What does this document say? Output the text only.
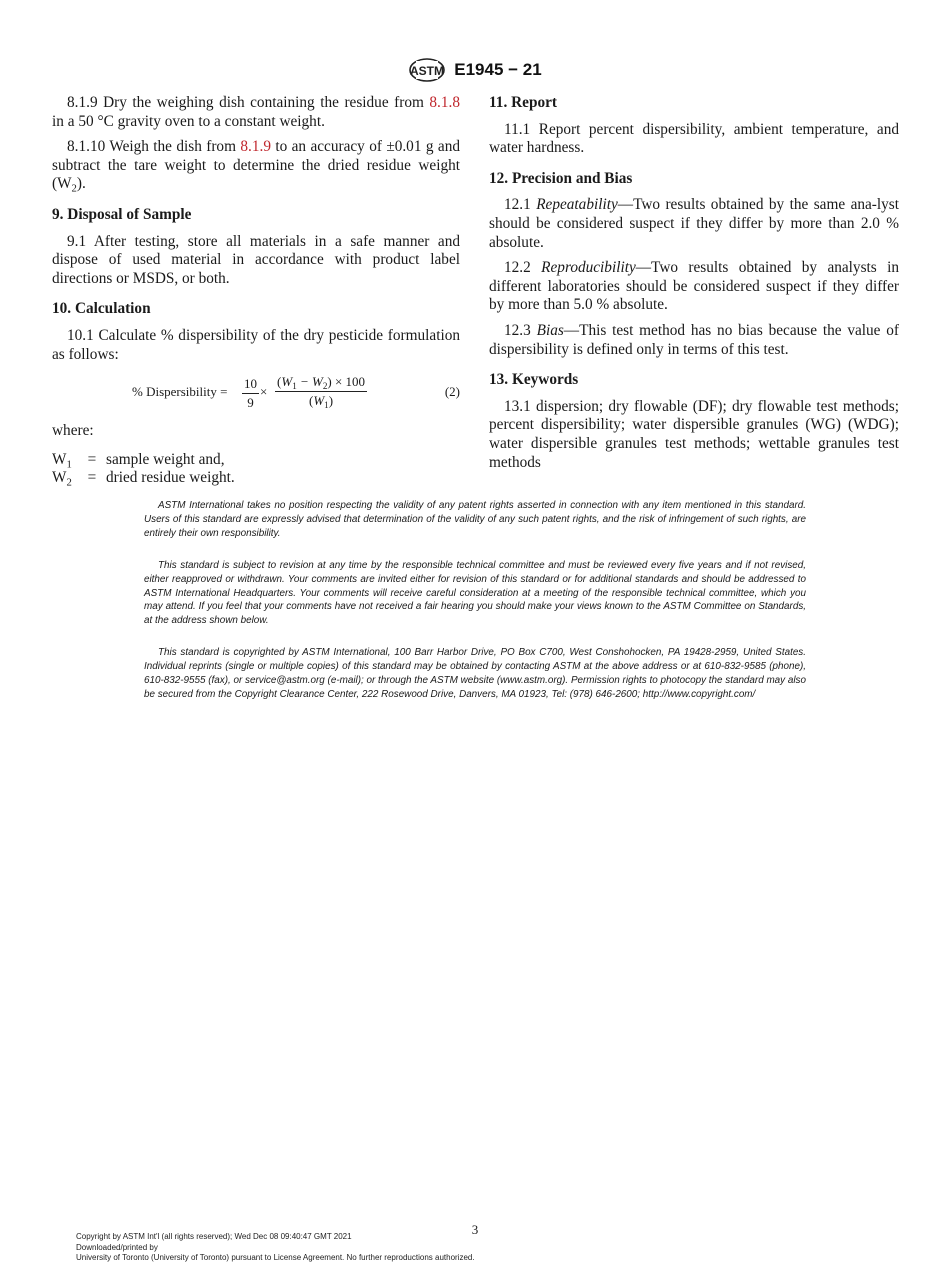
ASTM E1945 − 21

8.1.9 Dry the weighing dish containing the residue from 8.1.8 in a 50 °C gravity oven to a constant weight.

8.1.10 Weigh the dish from 8.1.9 to an accuracy of ±0.01 g and subtract the tare weight to determine the dried residue weight $(W_2)$.

9. Disposal of Sample

9.1 After testing, store all materials in a safe manner and dispose of used material in accordance with product label directions or MSDS, or both.

10. Calculation

10.1 Calculate % dispersibility of the dry pesticide formulation as follows:

% Dispersibility = $\frac{10}{9} \times \frac{(W_1 - W_2) \times 100}{(W_1)}$	(2)

where:

$W_1$	= sample weight and,
$W_2$	= dried residue weight.

11. Report

11.1 Report percent dispersibility, ambient temperature, and water hardness.

12. Precision and Bias

12.1 Repeatability—Two results obtained by the same ana-lyst should be considered suspect if they differ by more than 2.0 % absolute.

12.2 Reproducibility—Two results obtained by analysts in different laboratories should be considered suspect if they differ by more than 5.0 % absolute.

12.3 Bias—This test method has no bias because the value of dispersibility is defined only in terms of this test.

13. Keywords

13.1 dispersion; dry flowable (DF); dry flowable test methods; percent dispersibility; water dispersible granules (WG) (WDG); water dispersible granules test methods; wettable granules test methods

ASTM International takes no position respecting the validity of any patent rights asserted in connection with any item mentioned in this standard. Users of this standard are expressly advised that determination of the validity of any such patent rights, and the risk of infringement of such rights, are entirely their own responsibility.

This standard is subject to revision at any time by the responsible technical committee and must be reviewed every five years and if not revised, either reapproved or withdrawn. Your comments are invited either for revision of this standard or for additional standards and should be addressed to ASTM International Headquarters. Your comments will receive careful consideration at a meeting of the responsible technical committee, which you may attend. If you feel that your comments have not received a fair hearing you should make your views known to the ASTM Committee on Standards, at the address shown below.

This standard is copyrighted by ASTM International, 100 Barr Harbor Drive, PO Box C700, West Conshohocken, PA 19428-2959, United States. Individual reprints (single or multiple copies) of this standard may be obtained by contacting ASTM at the above address or at 610-832-9585 (phone), 610-832-9555 (fax), or service@astm.org (e-mail); or through the ASTM website (www.astm.org). Permission rights to photocopy the standard may also be secured from the Copyright Clearance Center, 222 Rosewood Drive, Danvers, MA 01923, Tel: (978) 646-2600; http://www.copyright.com/

3
Copyright by ASTM Int'l (all rights reserved); Wed Dec 08 09:40:47 GMT 2021
Downloaded/printed by
University of Toronto (University of Toronto) pursuant to License Agreement. No further reproductions authorized.
